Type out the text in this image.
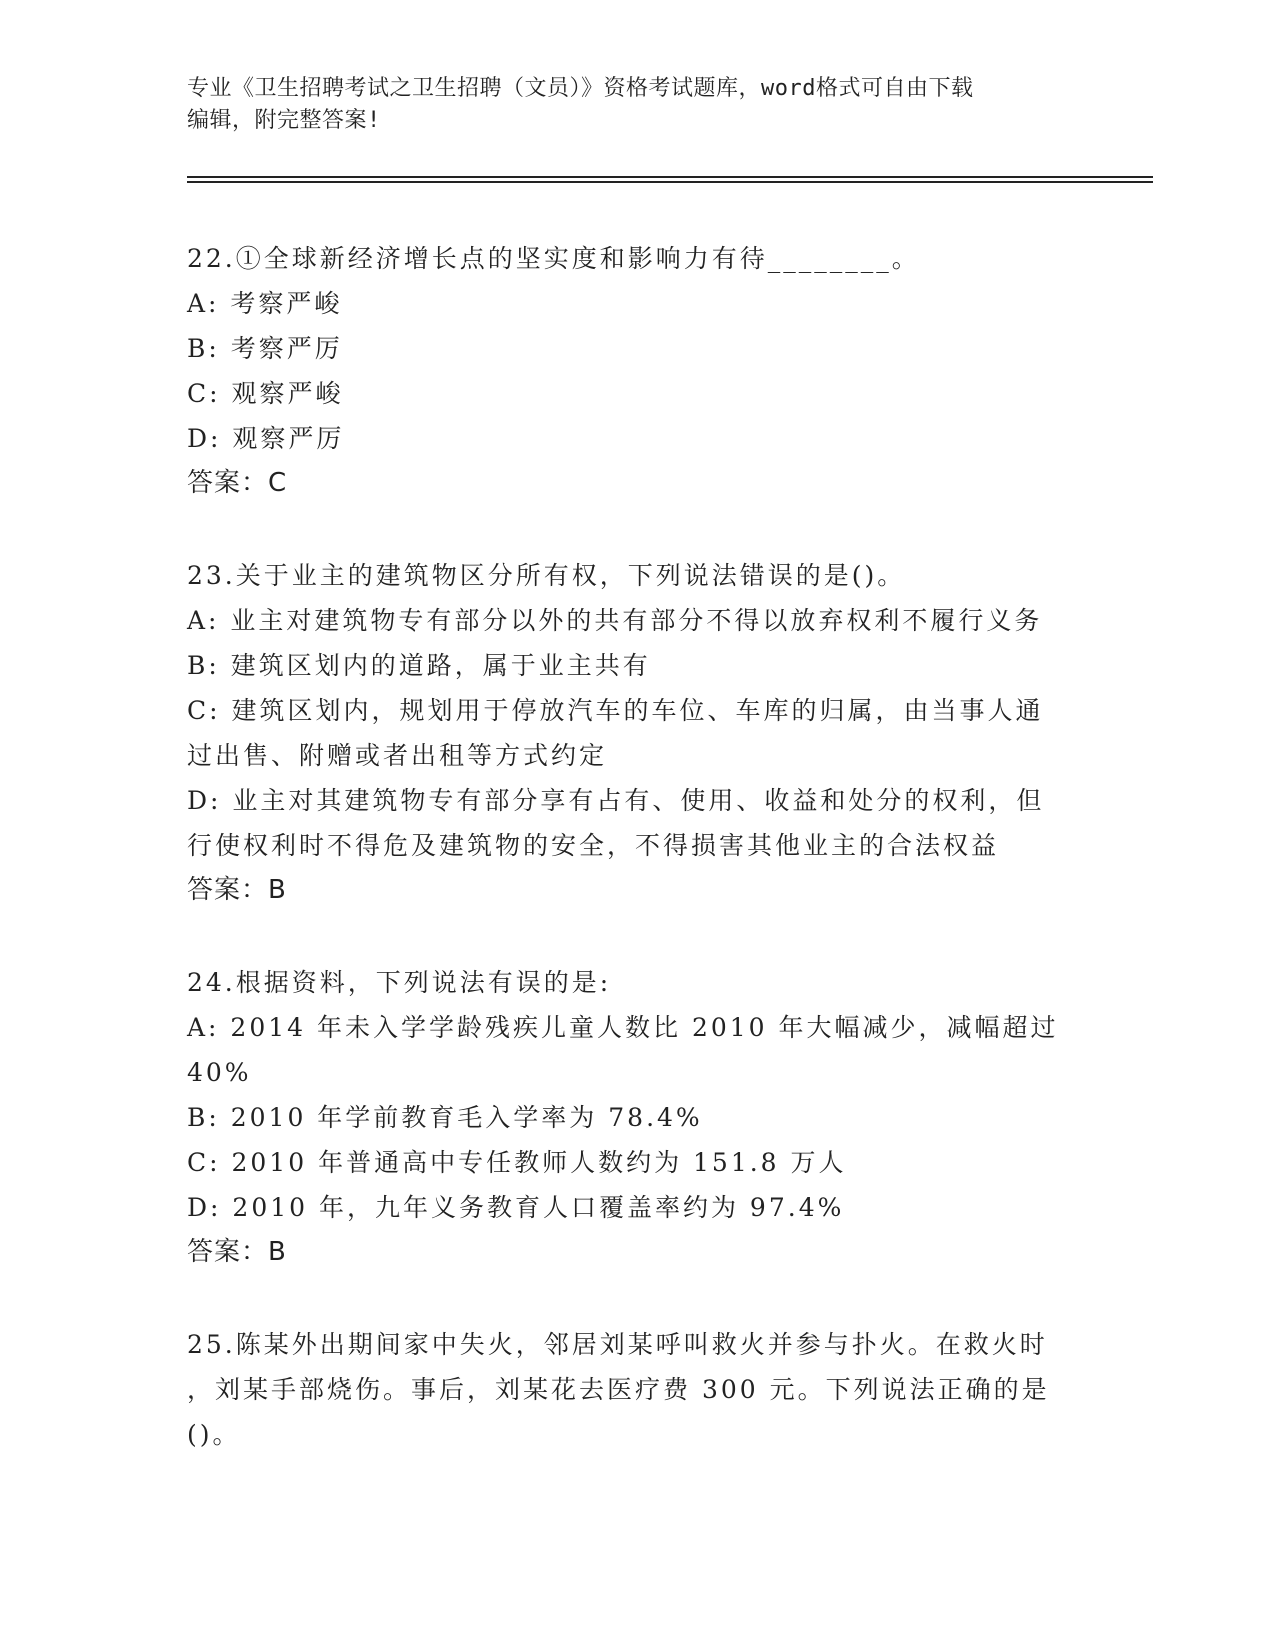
专业《卫生招聘考试之卫生招聘（文员）》资格考试题库，word格式可自由下载
编辑，附完整答案!
22.①全球新经济增长点的坚实度和影响力有待________。
A: 考察严峻
B: 考察严厉
C: 观察严峻
D: 观察严厉
答案：C
23.关于业主的建筑物区分所有权，下列说法错误的是()。
A: 业主对建筑物专有部分以外的共有部分不得以放弃权利不履行义务
B: 建筑区划内的道路，属于业主共有
C: 建筑区划内，规划用于停放汽车的车位、车库的归属，由当事人通
过出售、附赠或者出租等方式约定
D: 业主对其建筑物专有部分享有占有、使用、收益和处分的权利，但
行使权利时不得危及建筑物的安全，不得损害其他业主的合法权益
答案：B
24.根据资料，下列说法有误的是:
A: 2014 年未入学学龄残疾儿童人数比 2010 年大幅减少，减幅超过
40%
B: 2010 年学前教育毛入学率为 78.4%
C: 2010 年普通高中专任教师人数约为 151.8 万人
D: 2010 年，九年义务教育人口覆盖率约为 97.4%
答案：B
25.陈某外出期间家中失火，邻居刘某呼叫救火并参与扑火。在救火时
，刘某手部烧伤。事后，刘某花去医疗费 300 元。下列说法正确的是
()。
